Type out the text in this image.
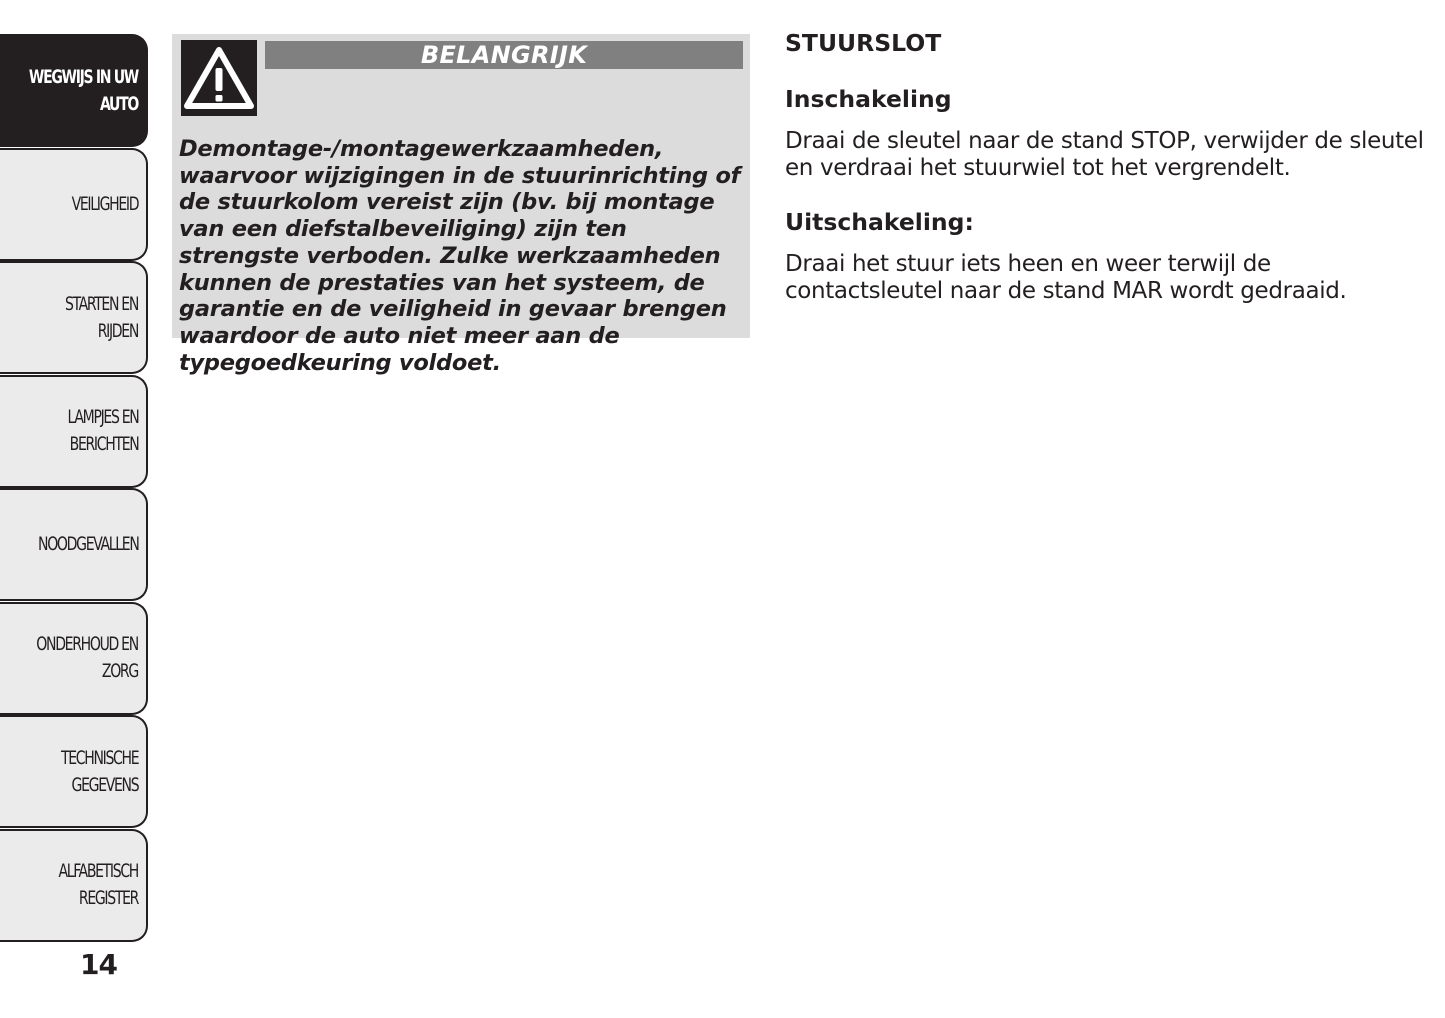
WEGWIJS IN UW
AUTO
VEILIGHEID
STARTEN EN RIJDEN
LAMPJES EN
BERICHTEN
NOODGEVALLEN
ONDERHOUD EN
ZORG
TECHNISCHE
GEGEVENS
ALFABETISCH
REGISTER
14
BELANGRIJK
Demontage-/montagewerkzaamheden, waarvoor wijzigingen in de stuurinrichting of de stuurkolom vereist zijn (bv. bij montage van een diefstalbeveiliging) zijn ten strengste verboden. Zulke werkzaamheden kunnen de prestaties van het systeem, de garantie en de veiligheid in gevaar brengen waardoor de auto niet meer aan de typegoedkeuring voldoet.
STUURSLOT
Inschakeling

Draai de sleutel naar de stand STOP, verwijder de sleutel en verdraai het stuurwiel tot het vergrendelt.

Uitschakeling:

Draai het stuur iets heen en weer terwijl de contactsleutel naar de stand MAR wordt gedraaid.
